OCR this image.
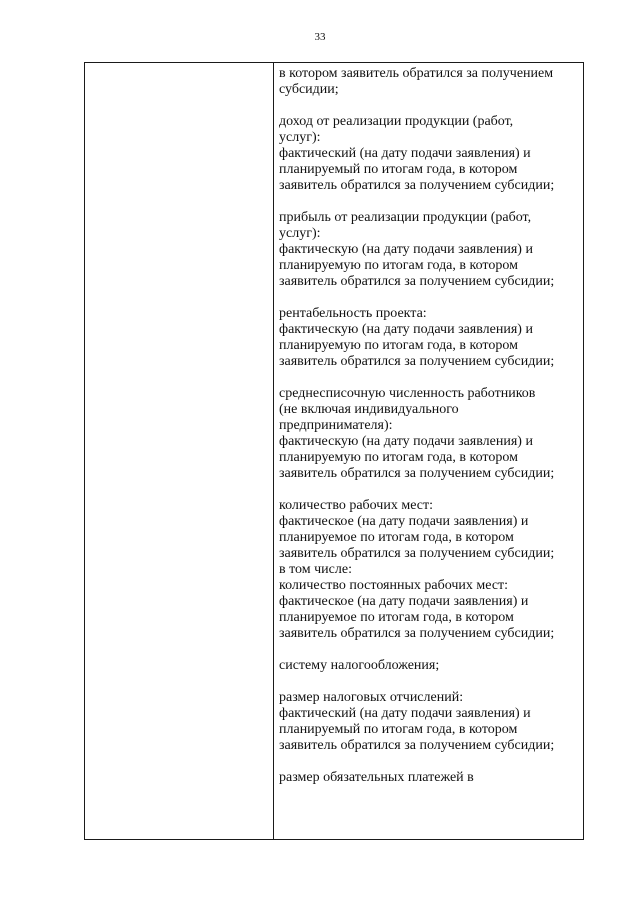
33
в котором заявитель обратился за получением
субсидии;
доход от реализации продукции (работ,
услуг):
фактический (на дату подачи заявления) и
планируемый по итогам года, в котором
заявитель обратился за получением субсидии;
прибыль от реализации продукции (работ,
услуг):
фактическую (на дату подачи заявления) и
планируемую по итогам года, в котором
заявитель обратился за получением субсидии;
рентабельность проекта:
фактическую (на дату подачи заявления) и
планируемую по итогам года, в котором
заявитель обратился за получением субсидии;
среднесписочную численность работников
(не включая индивидуального
предпринимателя):
фактическую (на дату подачи заявления) и
планируемую по итогам года, в котором
заявитель обратился за получением субсидии;
количество рабочих мест:
фактическое (на дату подачи заявления) и
планируемое по итогам года, в котором
заявитель обратился за получением субсидии;
в том числе:
количество постоянных рабочих мест:
фактическое (на дату подачи заявления) и
планируемое по итогам года, в котором
заявитель обратился за получением субсидии;
систему налогообложения;
размер налоговых отчислений:
фактический (на дату подачи заявления) и
планируемый по итогам года, в котором
заявитель обратился за получением субсидии;
размер обязательных платежей в
